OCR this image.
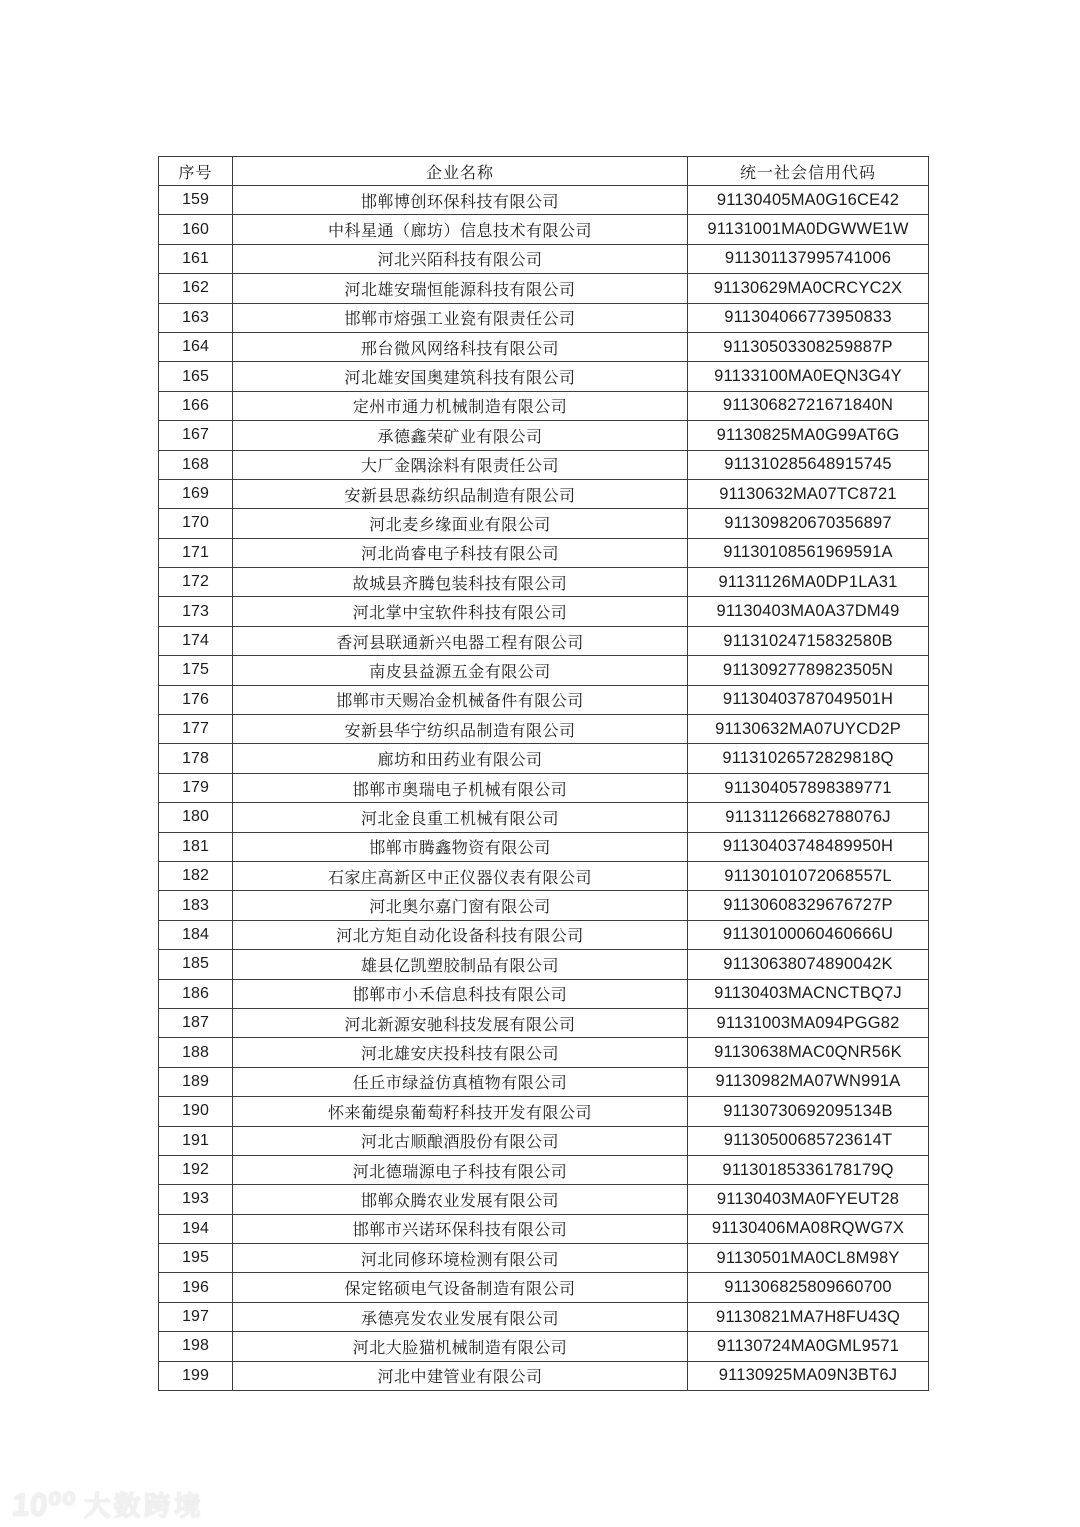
序号	企业名称	统一社会信用代码
159	邯郸博创环保科技有限公司	91130405MA0G16CE42
160	中科星通（廊坊）信息技术有限公司	91131001MA0DGWWE1W
161	河北兴陌科技有限公司	911301137995741006
162	河北雄安瑞恒能源科技有限公司	91130629MA0CRCYC2X
163	邯郸市熔强工业瓷有限责任公司	911304066773950833
164	邢台微风网络科技有限公司	91130503308259887P
165	河北雄安国奥建筑科技有限公司	91133100MA0EQN3G4Y
166	定州市通力机械制造有限公司	91130682721671840N
167	承德鑫荣矿业有限公司	91130825MA0G99AT6G
168	大厂金隅涂料有限责任公司	911310285648915745
169	安新县思淼纺织品制造有限公司	91130632MA07TC8721
170	河北麦乡缘面业有限公司	911309820670356897
171	河北尚睿电子科技有限公司	91130108561969591A
172	故城县齐腾包装科技有限公司	91131126MA0DP1LA31
173	河北掌中宝软件科技有限公司	91130403MA0A37DM49
174	香河县联通新兴电器工程有限公司	91131024715832580B
175	南皮县益源五金有限公司	91130927789823505N
176	邯郸市天赐冶金机械备件有限公司	91130403787049501H
177	安新县华宁纺织品制造有限公司	91130632MA07UYCD2P
178	廊坊和田药业有限公司	91131026572829818Q
179	邯郸市奥瑞电子机械有限公司	911304057898389771
180	河北金良重工机械有限公司	91131126682788076J
181	邯郸市腾鑫物资有限公司	91130403748489950H
182	石家庄高新区中正仪器仪表有限公司	91130101072068557L
183	河北奥尔嘉门窗有限公司	91130608329676727P
184	河北方矩自动化设备科技有限公司	91130100060460666U
185	雄县亿凯塑胶制品有限公司	91130638074890042K
186	邯郸市小禾信息科技有限公司	91130403MACNCTBQ7J
187	河北新源安驰科技发展有限公司	91131003MA094PGG82
188	河北雄安庆投科技有限公司	91130638MAC0QNR56K
189	任丘市绿益仿真植物有限公司	91130982MA07WN991A
190	怀来葡缇泉葡萄籽科技开发有限公司	91130730692095134B
191	河北古顺酿酒股份有限公司	91130500685723614T
192	河北德瑞源电子科技有限公司	91130185336178179Q
193	邯郸众腾农业发展有限公司	91130403MA0FYEUT28
194	邯郸市兴诺环保科技有限公司	91130406MA08RQWG7X
195	河北同修环境检测有限公司	91130501MA0CL8M98Y
196	保定铭硕电气设备制造有限公司	911306825809660700
197	承德亮发农业发展有限公司	91130821MA7H8FU43Q
198	河北大脸猫机械制造有限公司	91130724MA0GML9571
199	河北中建管业有限公司	91130925MA09N3BT6J
10⁰⁰ 大数跨境
